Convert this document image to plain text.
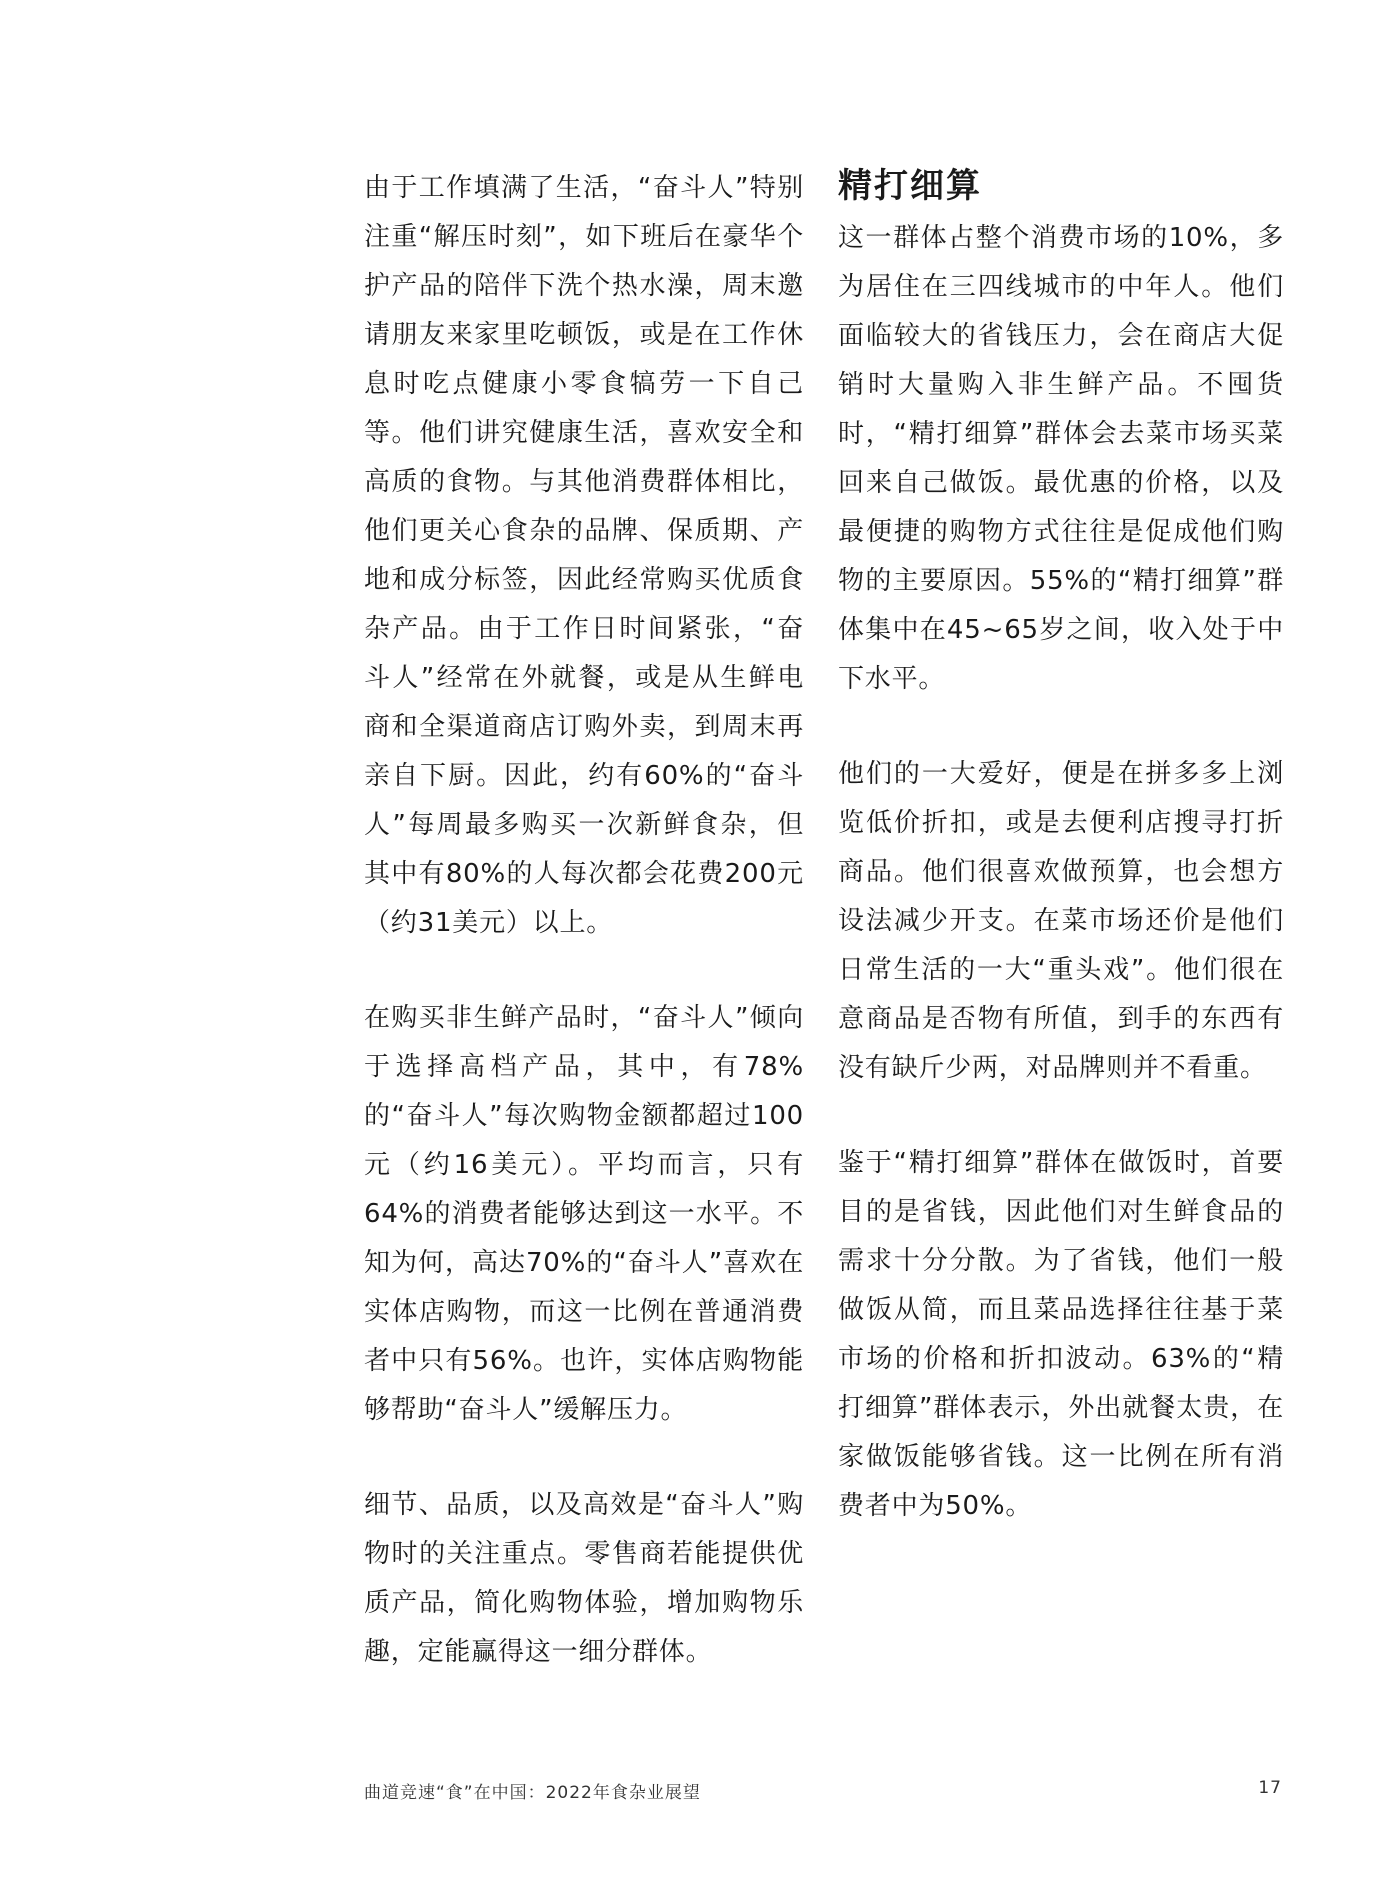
由于工作填满了生活，“奋斗人”特别注重“解压时刻”，如下班后在豪华个护产品的陪伴下洗个热水澡，周末邀请朋友来家里吃顿饭，或是在工作休息时吃点健康小零食犒劳一下自己等。他们讲究健康生活，喜欢安全和高质的食物。与其他消费群体相比，他们更关心食杂的品牌、保质期、产地和成分标签，因此经常购买优质食杂产品。由于工作日时间紧张，“奋斗人”经常在外就餐，或是从生鲜电商和全渠道商店订购外卖，到周末再亲自下厨。因此，约有60%的“奋斗人”每周最多购买一次新鲜食杂，但其中有80%的人每次都会花费200元（约31美元）以上。

在购买非生鲜产品时，“奋斗人”倾向于选择高档产品，其中，有78%的“奋斗人”每次购物金额都超过100元（约16美元）。平均而言，只有64%的消费者能够达到这一水平。不知为何，高达70%的“奋斗人”喜欢在实体店购物，而这一比例在普通消费者中只有56%。也许，实体店购物能够帮助“奋斗人”缓解压力。

细节、品质，以及高效是“奋斗人”购物时的关注重点。零售商若能提供优质产品，简化购物体验，增加购物乐趣，定能赢得这一细分群体。

精打细算

这一群体占整个消费市场的10%，多为居住在三四线城市的中年人。他们面临较大的省钱压力，会在商店大促销时大量购入非生鲜产品。不囤货时，“精打细算”群体会去菜市场买菜回来自己做饭。最优惠的价格，以及最便捷的购物方式往往是促成他们购物的主要原因。55%的“精打细算”群体集中在45~65岁之间，收入处于中下水平。

他们的一大爱好，便是在拼多多上浏览低价折扣，或是去便利店搜寻打折商品。他们很喜欢做预算，也会想方设法减少开支。在菜市场还价是他们日常生活的一大“重头戏”。他们很在意商品是否物有所值，到手的东西有没有缺斤少两，对品牌则并不看重。

鉴于“精打细算”群体在做饭时，首要目的是省钱，因此他们对生鲜食品的需求十分分散。为了省钱，他们一般做饭从简，而且菜品选择往往基于菜市场的价格和折扣波动。63%的“精打细算”群体表示，外出就餐太贵，在家做饭能够省钱。这一比例在所有消费者中为50%。

曲道竞速“食”在中国：2022年食杂业展望	17
